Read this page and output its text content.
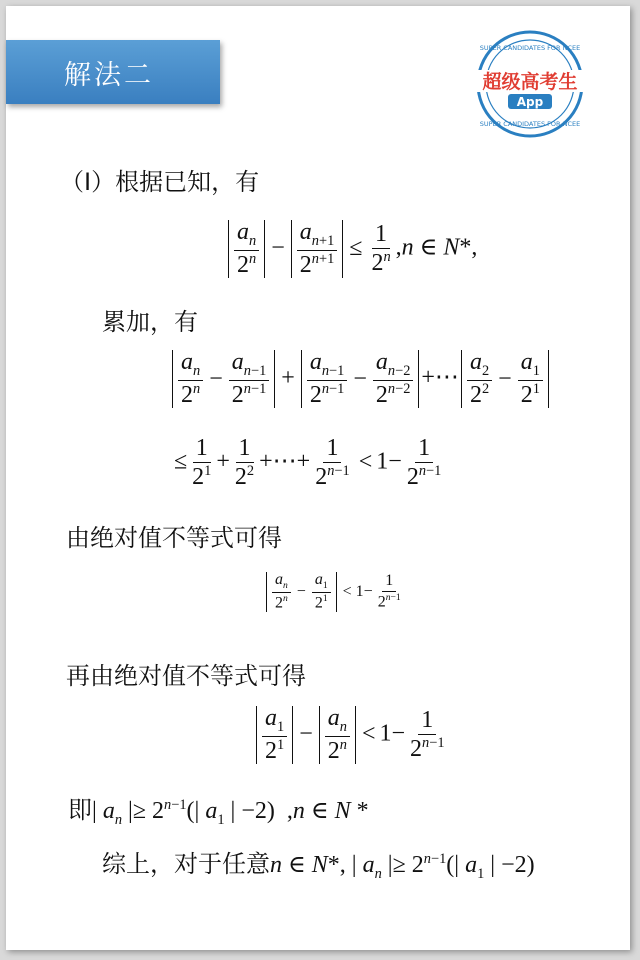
解法二
SUPER CANDIDATES FOR NCEE
SUPER CANDIDATES FOR NCEE
超级高考生
App
（Ⅰ）根据已知，有
$\frac{a_n}{2^n} - \frac{a_{n+1}}{2^{n+1}} \le \frac{1}{2^n} ,n$ ∈ N*,
累加，有
$\frac{a_n}{2^n} - \frac{a_{n-1}}{2^{n-1}} + \frac{a_{n-1}}{2^{n-1}} - \frac{a_{n-2}}{2^{n-2}}$ +⋯ $\frac{a_2}{2^2} - \frac{a_1}{2^1}$
≤ $\frac{1}{2^1} + \frac{1}{2^2}$ +⋯+ $\frac{1}{2^{n-1}} < 1- \frac{1}{2^{n-1}}$
由绝对值不等式可得
$\frac{a_n}{2^n} - \frac{a_1}{2^1} < 1- \frac{1}{2^{n-1}}$
再由绝对值不等式可得
$\frac{a_1}{2^1} - \frac{a_n}{2^n} < 1- \frac{1}{2^{n-1}}$
即| $a_n$ |≥ $2^{n-1}(|$ $a_1$ | −2)  ,n ∈ N *
综上，对于任意n ∈ N*, | $a_n$ |≥ $2^{n-1}(|$ $a_1$ | −2)
